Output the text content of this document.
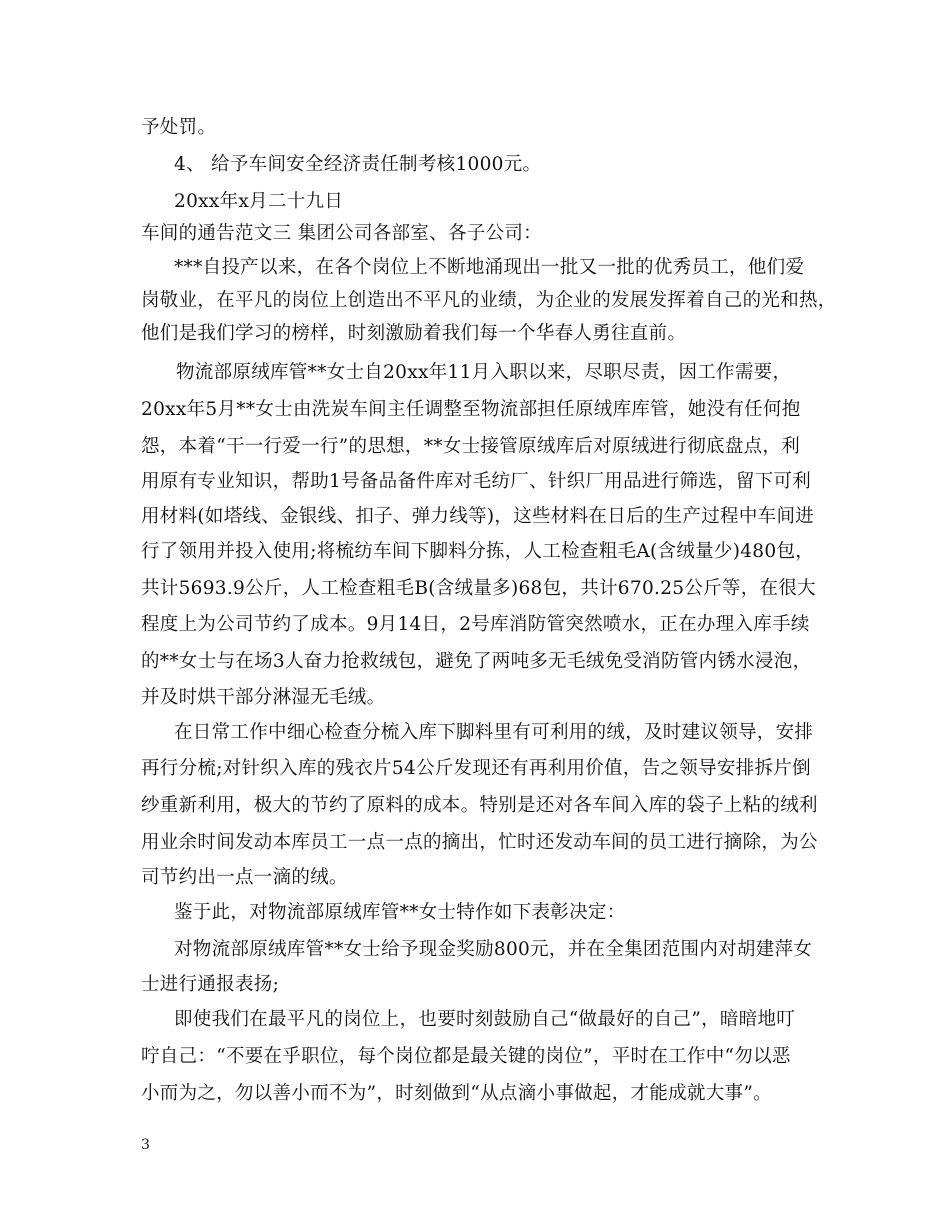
予处罚。
4、 给予车间安全经济责任制考核1000元。
20xx年x月二十九日
车间的通告范文三 集团公司各部室、各子公司：
***自投产以来，在各个岗位上不断地涌现出一批又一批的优秀员工，他们爱
岗敬业，在平凡的岗位上创造出不平凡的业绩，为企业的发展发挥着自己的光和热，
他们是我们学习的榜样，时刻激励着我们每一个华春人勇往直前。
物流部原绒库管**女士自20xx年11月入职以来，尽职尽责，因工作需要，
20xx年5月**女士由洗炭车间主任调整至物流部担任原绒库库管，她没有任何抱
怨，本着“干一行爱一行”的思想，**女士接管原绒库后对原绒进行彻底盘点，利
用原有专业知识，帮助1号备品备件库对毛纺厂、针织厂用品进行筛选，留下可利
用材料(如塔线、金银线、扣子、弹力线等)，这些材料在日后的生产过程中车间进
行了领用并投入使用;将梳纺车间下脚料分拣，人工检查粗毛A(含绒量少)480包，
共计5693.9公斤，人工检查粗毛B(含绒量多)68包，共计670.25公斤等，在很大
程度上为公司节约了成本。9月14日，2号库消防管突然喷水，正在办理入库手续
的**女士与在场3人奋力抢救绒包，避免了两吨多无毛绒免受消防管内锈水浸泡，
并及时烘干部分淋湿无毛绒。
在日常工作中细心检查分梳入库下脚料里有可利用的绒，及时建议领导，安排
再行分梳;对针织入库的残衣片54公斤发现还有再利用价值，告之领导安排拆片倒
纱重新利用，极大的节约了原料的成本。特别是还对各车间入库的袋子上粘的绒利
用业余时间发动本库员工一点一点的摘出，忙时还发动车间的员工进行摘除，为公
司节约出一点一滴的绒。
鉴于此，对物流部原绒库管**女士特作如下表彰决定：
对物流部原绒库管**女士给予现金奖励800元，并在全集团范围内对胡建萍女
士进行通报表扬;
即使我们在最平凡的岗位上，也要时刻鼓励自己“做最好的自己”，暗暗地叮
咛自己：“不要在乎职位，每个岗位都是最关键的岗位”，平时在工作中“勿以恶
小而为之，勿以善小而不为”，时刻做到“从点滴小事做起，才能成就大事”。
3
